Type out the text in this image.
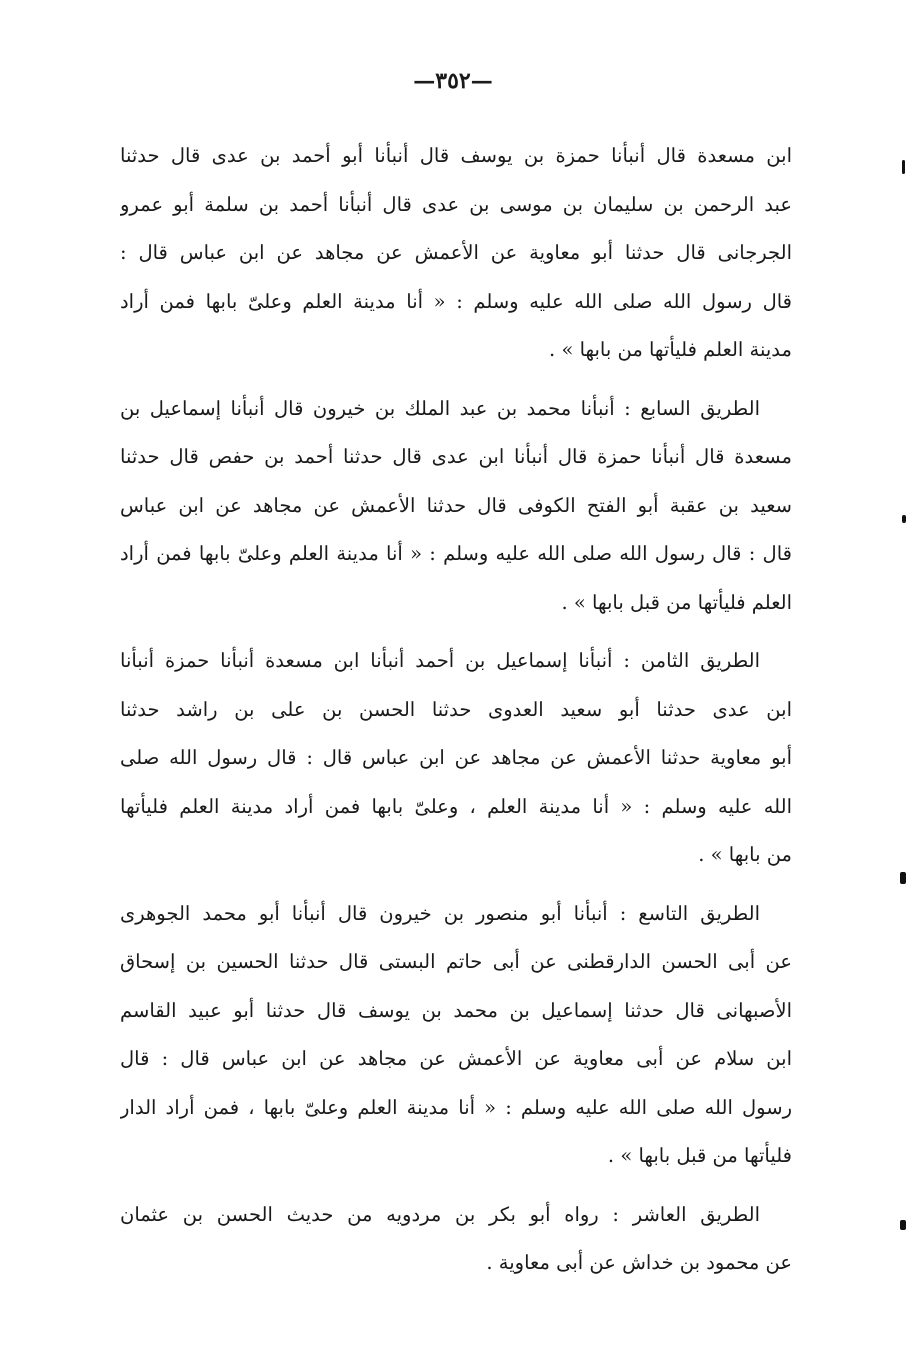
—٣٥٢—
ابن مسعدة قال أنبأنا حمزة بن يوسف قال أنبأنا أبو أحمد بن عدى قال حدثنا
عبد الرحمن بن سليمان بن موسى بن عدى قال أنبأنا أحمد بن سلمة أبو عمرو
الجرجانى قال حدثنا أبو معاوية عن الأعمش عن مجاهد عن ابن عباس قال :
قال رسول الله صلى الله عليه وسلم : « أنا مدينة العلم وعلىّ بابها فمن أراد
مدينة العلم فليأتها من بابها » .
الطريق السابع : أنبأنا محمد بن عبد الملك بن خيرون قال أنبأنا إسماعيل بن
مسعدة قال أنبأنا حمزة قال أنبأنا ابن عدى قال حدثنا أحمد بن حفص قال حدثنا
سعيد بن عقبة أبو الفتح الكوفى قال حدثنا الأعمش عن مجاهد عن ابن عباس
قال : قال رسول الله صلى الله عليه وسلم : « أنا مدينة العلم وعلىّ بابها فمن أراد
العلم فليأتها من قبل بابها » .
الطريق الثامن : أنبأنا إسماعيل بن أحمد أنبأنا ابن مسعدة أنبأنا حمزة أنبأنا
ابن عدى حدثنا أبو سعيد العدوى حدثنا الحسن بن على بن راشد حدثنا
أبو معاوية حدثنا الأعمش عن مجاهد عن ابن عباس قال : قال رسول الله صلى
الله عليه وسلم : « أنا مدينة العلم ، وعلىّ بابها فمن أراد مدينة العلم فليأتها
من بابها » .
الطريق التاسع : أنبأنا أبو منصور بن خيرون قال أنبأنا أبو محمد الجوهرى
عن أبى الحسن الدارقطنى عن أبى حاتم البستى قال حدثنا الحسين بن إسحاق
الأصبهانى قال حدثنا إسماعيل بن محمد بن يوسف قال حدثنا أبو عبيد القاسم
ابن سلام عن أبى معاوية عن الأعمش عن مجاهد عن ابن عباس قال : قال
رسول الله صلى الله عليه وسلم : « أنا مدينة العلم وعلىّ بابها ، فمن أراد الدار
فليأتها من قبل بابها » .
الطريق العاشر : رواه أبو بكر بن مردويه من حديث الحسن بن عثمان
عن محمود بن خداش عن أبى معاوية .
